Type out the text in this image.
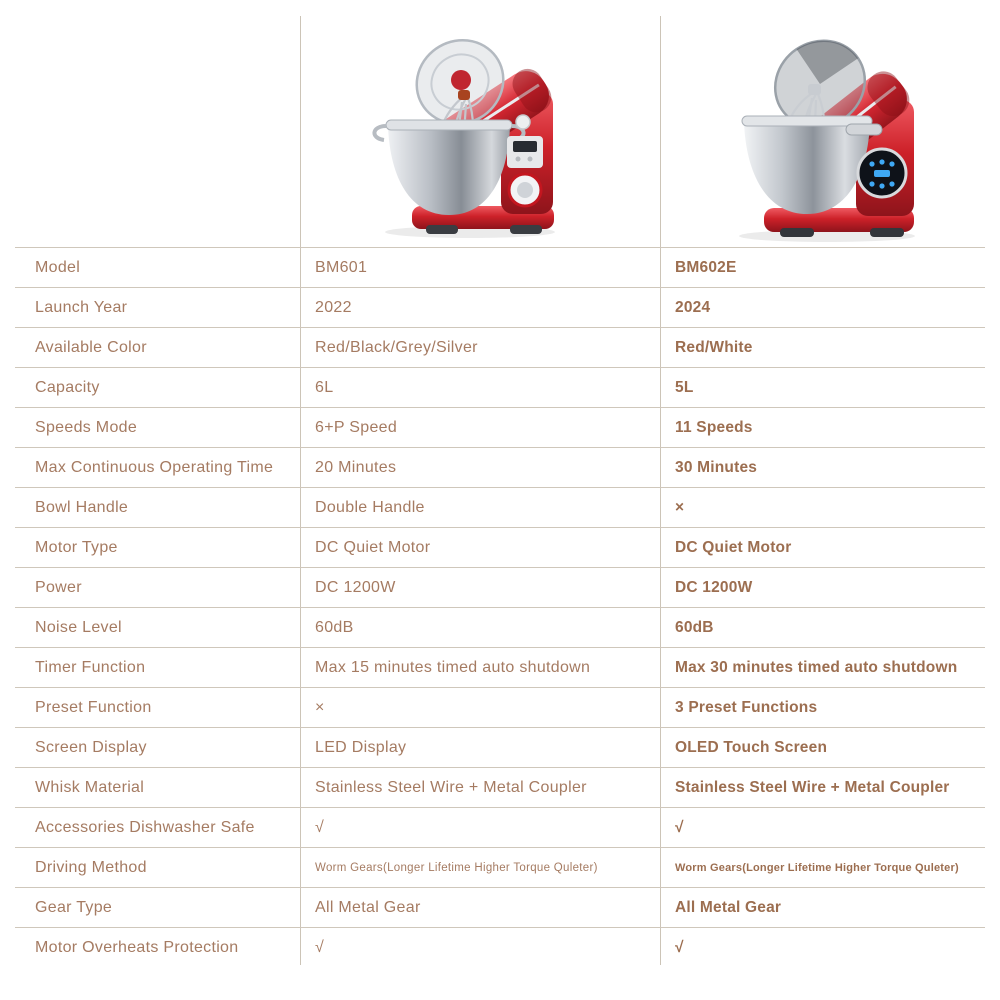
Model	BM601	BM602E
Launch Year	2022	2024
Available Color	Red/Black/Grey/Silver	Red/White
Capacity	6L	5L
Speeds Mode	6+P Speed	11 Speeds
Max Continuous Operating Time	20 Minutes	30 Minutes
Bowl Handle	Double Handle	×
Motor Type	DC Quiet Motor	DC Quiet Motor
Power	DC 1200W	DC 1200W
Noise Level	60dB	60dB
Timer Function	Max 15 minutes timed auto shutdown	Max 30 minutes timed auto shutdown
Preset Function	×	3 Preset Functions
Screen Display	LED Display	OLED Touch Screen
Whisk Material	Stainless Steel Wire + Metal Coupler	Stainless Steel Wire + Metal Coupler
Accessories Dishwasher Safe	√	√
Driving Method	Worm Gears(Longer Lifetime Higher Torque Quleter)	Worm Gears(Longer Lifetime Higher Torque Quleter)
Gear Type	All Metal Gear	All Metal Gear
Motor Overheats Protection	√	√
